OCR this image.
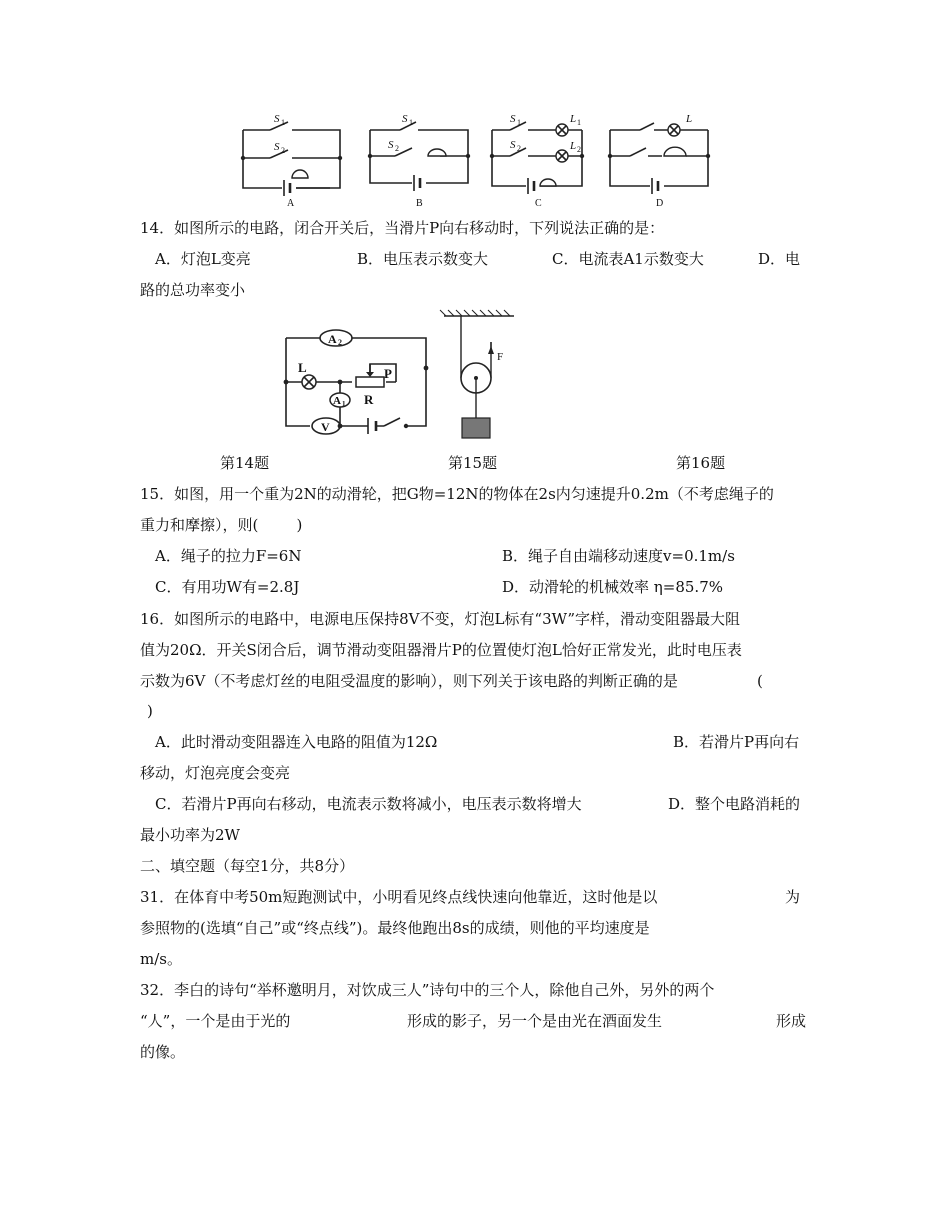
S 1
S 2
A
S 1
S 2
B
S 1
S 2
L 1
L 2
C
L
D
14．如图所示的电路，闭合开关后，当滑片P向右移动时，下列说法正确的是：
A．灯泡L变亮	B．电压表示数变大	C．电流表A1示数变大	D．电
路的总功率变小
A 2
L	P
R
A 1
V
F
第14题	第15题	第16题
15．如图，用一个重为2N的动滑轮，把G物=12N的物体在2s内匀速提升0.2m（不考虑绳子的
重力和摩擦），则(        )
A．绳子的拉力F=6N	B．绳子自由端移动速度v=0.1m/s
C．有用功W有=2.8J	D．动滑轮的机械效率 η=85.7%
16．如图所示的电路中，电源电压保持8V不变，灯泡L标有“3W”字样，滑动变阻器最大阻
值为20Ω．开关S闭合后，调节滑动变阻器滑片P的位置使灯泡L恰好正常发光，此时电压表
示数为6V（不考虑灯丝的电阻受温度的影响），则下列关于该电路的判断正确的是	(
)
A．此时滑动变阻器连入电路的阻值为12Ω	B．若滑片P再向右
移动，灯泡亮度会变亮
C．若滑片P再向右移动，电流表示数将减小，电压表示数将增大	D．整个电路消耗的
最小功率为2W
二、填空题（每空1分，共8分）
31．在体育中考50m短跑测试中，小明看见终点线快速向他靠近，这时他是以	为
参照物的(选填“自己”或“终点线”)。最终他跑出8s的成绩，则他的平均速度是
m/s。
32．李白的诗句“举杯邀明月，对饮成三人”诗句中的三个人，除他自己外，另外的两个
“人”，一个是由于光的	形成的影子，另一个是由光在酒面发生	形成
的像。
